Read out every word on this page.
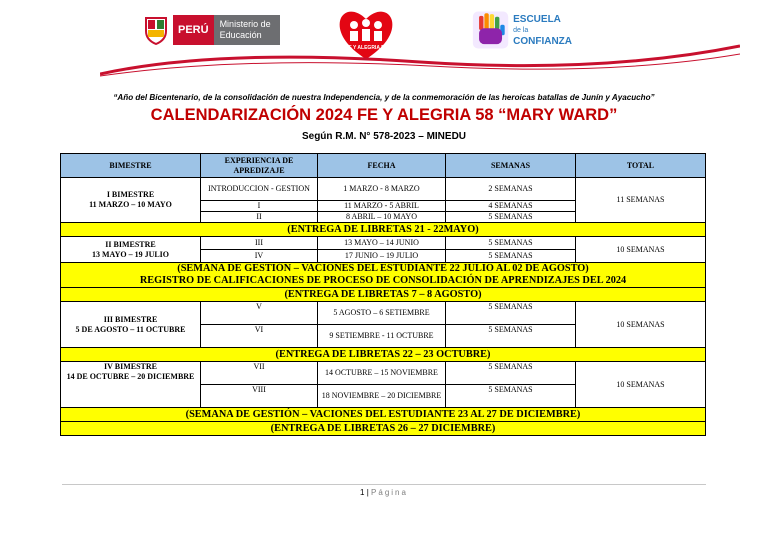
PERÚ	Ministerio de Educación
FE Y ALEGRIA 58
ESCUELA
de la
CONFIANZA
“Año del Bicentenario, de la consolidación de nuestra Independencia, y de la conmemoración de las heroicas batallas de Junín y Ayacucho”
CALENDARIZACIÓN 2024 FE Y ALEGRIA 58 “MARY WARD”
Según R.M. N° 578-2023 – MINEDU
BIMESTRE	EXPERIENCIA DE APREDIZAJE	FECHA	SEMANAS	TOTAL

I BIMESTRE
11 MARZO – 10 MAYO	INTRODUCCION - GESTION	1 MARZO - 8 MARZO	2 SEMANAS	11 SEMANAS
	I	11 MARZO - 5 ABRIL	4 SEMANAS	
	II	8 ABRIL – 10 MAYO	5 SEMANAS	
(ENTREGA DE LIBRETAS 21 - 22MAYO)				

II BIMESTRE
13 MAYO – 19 JULIO	III	13 MAYO – 14 JUNIO	5 SEMANAS	10 SEMANAS
	IV	17 JUNIO – 19 JULIO	5 SEMANAS	

(SEMANA DE GESTIÓN – VACIONES DEL ESTUDIANTE 22 JULIO AL 02 DE AGOSTO)
REGISTRO DE CALIFICACIONES DE PROCESO DE CONSOLIDACIÓN DE APRENDIZAJES DEL 2024				

(ENTREGA DE LIBRETAS 7 – 8 AGOSTO)				

III BIMESTRE
5 DE AGOSTO – 11 OCTUBRE	V	5 AGOSTO – 6 SETIEMBRE	5 SEMANAS	10 SEMANAS
	VI	9 SETIEMBRE - 11 OCTUBRE	5 SEMANAS	
(ENTREGA DE LIBRETAS 22 – 23 OCTUBRE)				

IV BIMESTRE
14 DE OCTUBRE – 20 DICIEMBRE	VII	14 OCTUBRE – 15 NOVIEMBRE	5 SEMANAS	10 SEMANAS
	VIII	18 NOVIEMBRE – 20 DICIEMBRE	5 SEMANAS	
(SEMANA DE GESTIÓN – VACIONES DEL ESTUDIANTE 23 AL 27 DE DICIEMBRE)				
(ENTREGA DE LIBRETAS 26 – 27 DICIEMBRE)				
1 | Página
